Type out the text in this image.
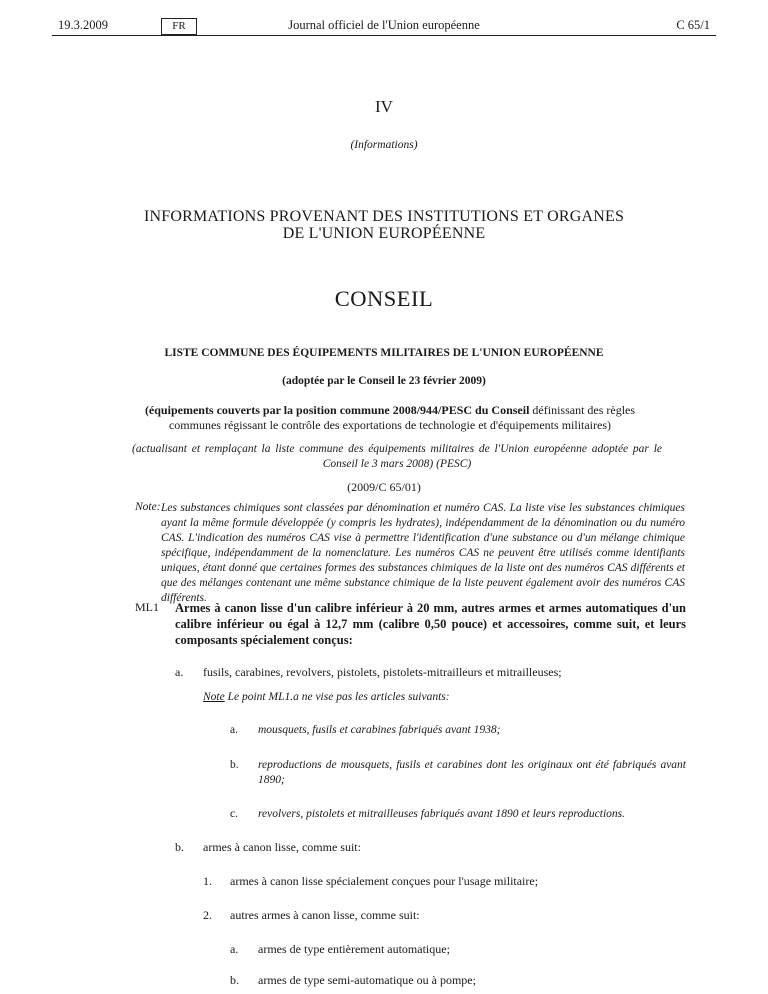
19.3.2009	FR	Journal officiel de l'Union européenne	C 65/1
IV
(Informations)
INFORMATIONS PROVENANT DES INSTITUTIONS ET ORGANES
DE L'UNION EUROPÉENNE
CONSEIL
LISTE COMMUNE DES ÉQUIPEMENTS MILITAIRES DE L'UNION EUROPÉENNE
(adoptée par le Conseil le 23 février 2009)
(équipements couverts par la position commune 2008/944/PESC du Conseil définissant des règles communes régissant le contrôle des exportations de technologie et d'équipements militaires)
(actualisant et remplaçant la liste commune des équipements militaires de l'Union européenne adoptée par le Conseil le 3 mars 2008) (PESC)
(2009/C 65/01)
Note: Les substances chimiques sont classées par dénomination et numéro CAS. La liste vise les substances chimiques ayant la même formule développée (y compris les hydrates), indépendamment de la dénomination ou du numéro CAS. L'indication des numéros CAS vise à permettre l'identification d'une substance ou d'un mélange chimique spécifique, indépendamment de la nomenclature. Les numéros CAS ne peuvent être utilisés comme identifiants uniques, étant donné que certaines formes des substances chimiques de la liste ont des numéros CAS différents et que des mélanges contenant une même substance chimique de la liste peuvent également avoir des numéros CAS différents.
ML1 Armes à canon lisse d'un calibre inférieur à 20 mm, autres armes et armes automatiques d'un calibre inférieur ou égal à 12,7 mm (calibre 0,50 pouce) et accessoires, comme suit, et leurs composants spécialement conçus:
a. fusils, carabines, revolvers, pistolets, pistolets-mitrailleurs et mitrailleuses;
Note Le point ML1.a ne vise pas les articles suivants:
a. mousquets, fusils et carabines fabriqués avant 1938;
b. reproductions de mousquets, fusils et carabines dont les originaux ont été fabriqués avant 1890;
c. revolvers, pistolets et mitrailleuses fabriqués avant 1890 et leurs reproductions.
b. armes à canon lisse, comme suit:
1. armes à canon lisse spécialement conçues pour l'usage militaire;
2. autres armes à canon lisse, comme suit:
a. armes de type entièrement automatique;
b. armes de type semi-automatique ou à pompe;
